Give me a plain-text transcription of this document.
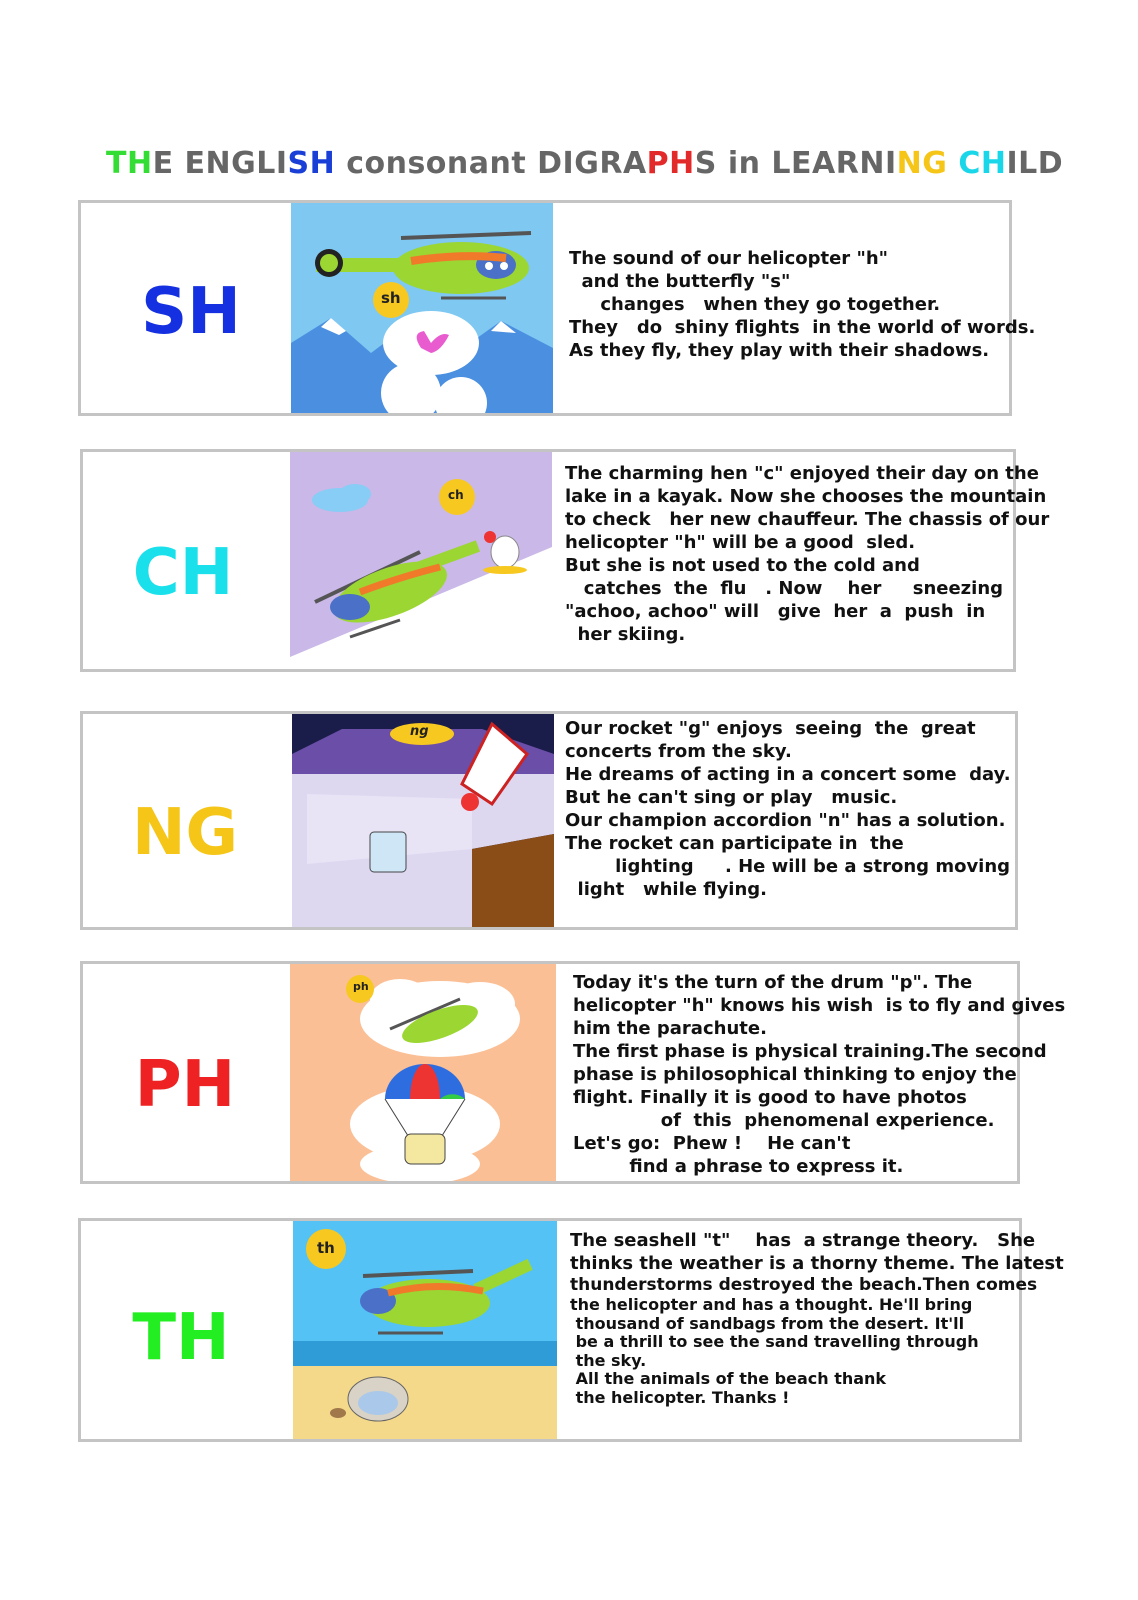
THE ENGLISH consonant DIGRAPHS in LEARNING CHILD
SH	sh

The sound of our helicopter "h"

and the butterfly "s"

changes   when they go together.

They   do  shiny flights  in the world of words.

As they fly, they play with their shadows.

CH
ch

The charming hen "c" enjoyed their day on the

lake in a kayak. Now she chooses the mountain

to check   her new chauffeur. The chassis of our

helicopter "h" will be a good  sled.

But she is not used to the cold and

catches  the  flu   . Now    her     sneezing

"achoo, achoo" will   give  her  a  push  in

her skiing.

NG
ng	Our rocket "g" enjoys  seeing  the  great

concerts from the sky.

He dreams of acting in a concert some  day.

But he can't sing or play   music.

Our champion accordion "n" has a solution.

The rocket can participate in  the

lighting     . He will be a strong moving

light   while flying.

PH
ph	Today it's the turn of the drum "p". The

helicopter "h" knows his wish  is to fly and gives

him the parachute.

The first phase is physical training.The second

phase is philosophical thinking to enjoy the

flight. Finally it is good to have photos

of  this  phenomenal experience.

Let's go:  Phew !    He can't

find a phrase to express it.

TH
th	The seashell "t"    has  a strange theory.   She

thinks the weather is a thorny theme. The latest

thunderstorms destroyed the beach.Then comes

the helicopter and has a thought. He'll bring

thousand of sandbags from the desert. It'll

be a thrill to see the sand travelling through

the sky.

All the animals of the beach thank

the helicopter. Thanks !
